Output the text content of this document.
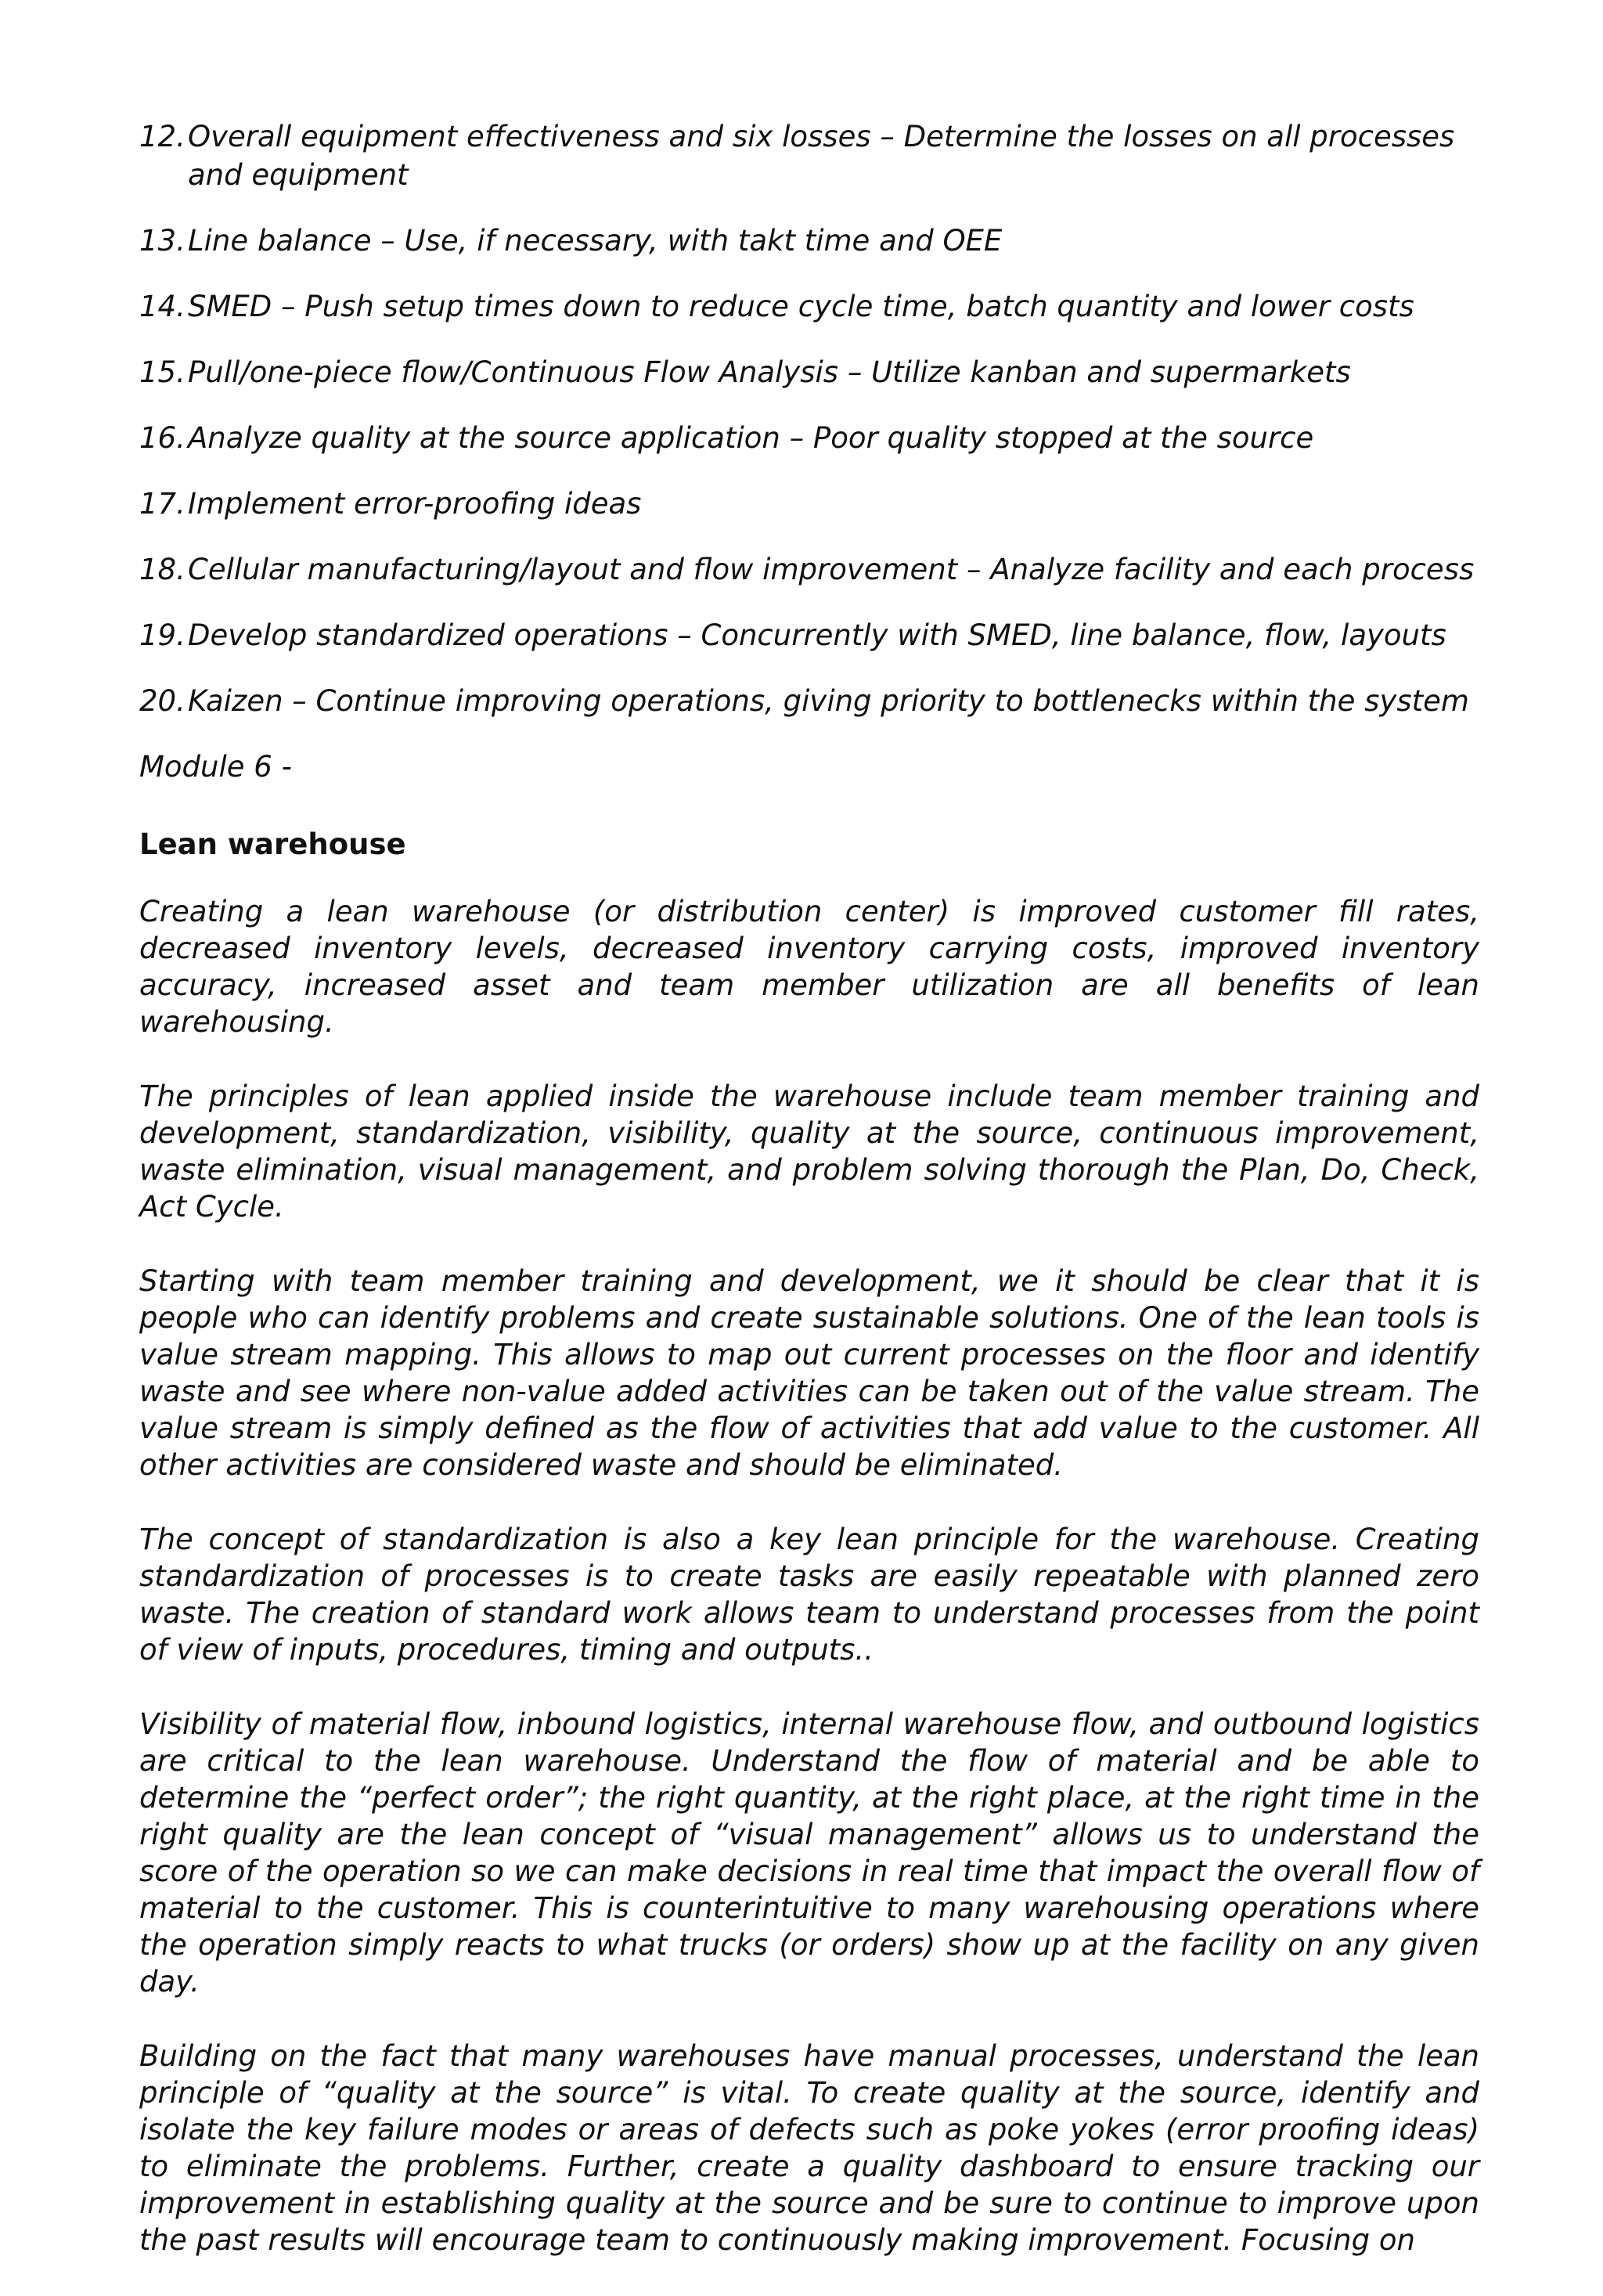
12. Overall equipment effectiveness and six losses – Determine the losses on all processes and equipment
13. Line balance – Use, if necessary, with takt time and OEE
14. SMED – Push setup times down to reduce cycle time, batch quantity and lower costs
15. Pull/one-piece flow/Continuous Flow Analysis – Utilize kanban and supermarkets
16. Analyze quality at the source application – Poor quality stopped at the source
17. Implement error-proofing ideas
18. Cellular manufacturing/layout and flow improvement – Analyze facility and each process
19. Develop standardized operations – Concurrently with SMED, line balance, flow, layouts
20. Kaizen – Continue improving operations, giving priority to bottlenecks within the system
Module 6 -
Lean warehouse

Creating a lean warehouse (or distribution center) is improved customer fill rates, decreased inventory levels, decreased inventory carrying costs, improved inventory accuracy, increased asset and team member utilization are all benefits of lean warehousing.

The principles of lean applied inside the warehouse include team member training and development, standardization, visibility, quality at the source, continuous improvement, waste elimination, visual management, and problem solving thorough the Plan, Do, Check, Act Cycle.

Starting with team member training and development, we it should be clear that it is people who can identify problems and create sustainable solutions. One of the lean tools is value stream mapping. This allows to map out current processes on the floor and identify waste and see where non-value added activities can be taken out of the value stream. The value stream is simply defined as the flow of activities that add value to the customer. All other activities are considered waste and should be eliminated.

The concept of standardization is also a key lean principle for the warehouse. Creating standardization of processes is to create tasks are easily repeatable with planned zero waste. The creation of standard work allows team to understand processes from the point of view of inputs, procedures, timing and outputs..

Visibility of material flow, inbound logistics, internal warehouse flow, and outbound logistics are critical to the lean warehouse. Understand the flow of material and be able to determine the “perfect order”; the right quantity, at the right place, at the right time in the right quality are the lean concept of “visual management” allows us to understand the score of the operation so we can make decisions in real time that impact the overall flow of material to the customer. This is counterintuitive to many warehousing operations where the operation simply reacts to what trucks (or orders) show up at the facility on any given day.

Building on the fact that many warehouses have manual processes, understand the lean principle of “quality at the source” is vital. To create quality at the source, identify and isolate the key failure modes or areas of defects such as poke yokes (error proofing ideas) to eliminate the problems. Further, create a quality dashboard to ensure tracking our improvement in establishing quality at the source and be sure to continue to improve upon the past results will encourage team to continuously making improvement. Focusing on
